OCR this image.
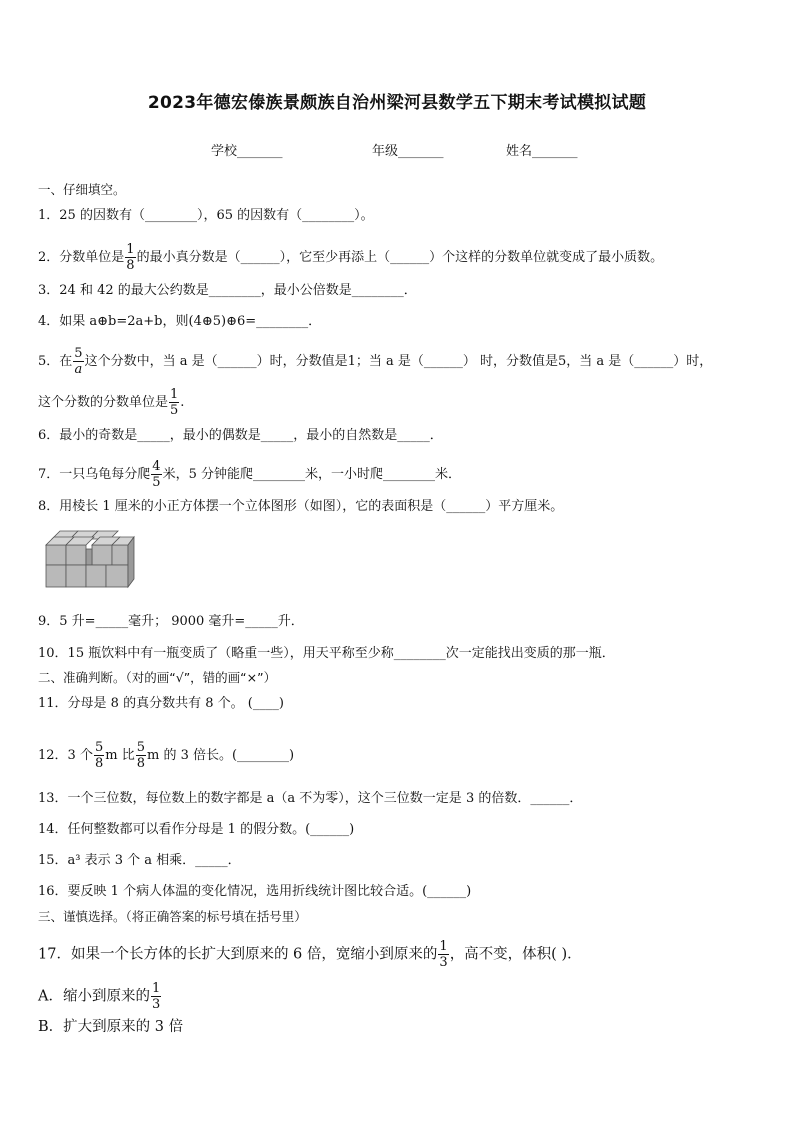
2023年德宏傣族景颇族自治州梁河县数学五下期末考试模拟试题
学校_______	年级_______	姓名_______
一、仔细填空。
1．25 的因数有（________），65 的因数有（________）。
2．分数单位是 $\frac{1}{8}$ 的最小真分数是（______），它至少再添上（______）个这样的分数单位就变成了最小质数。
3．24 和 42 的最大公约数是________，最小公倍数是________．
4．如果 a⊕b=2a+b，则(4⊕5)⊕6=________．
5．在 $\frac{5}{a}$ 这个分数中，当 a 是（______）时，分数值是1；当 a 是（______） 时，分数值是5，当 a 是（______）时，
这个分数的分数单位是 $\frac{1}{5}$ .
6．最小的奇数是_____，最小的偶数是_____，最小的自然数是_____．
7．一只乌龟每分爬 $\frac{4}{5}$ 米，5 分钟能爬________米，一小时爬________米．
8．用棱长 1 厘米的小正方体摆一个立体图形（如图），它的表面积是（______）平方厘米。
9．5 升=_____毫升； 9000 毫升=_____升．
10．15 瓶饮料中有一瓶变质了（略重一些），用天平称至少称________次一定能找出变质的那一瓶．
二、准确判断。（对的画“√”，错的画“×”）
11．分母是 8 的真分数共有 8 个。 (____)
12．3 个 $\frac{5}{8}$ m 比 $\frac{5}{8}$ m 的 3 倍长。(________)
13．一个三位数，每位数上的数字都是 a（a 不为零），这个三位数一定是 3 的倍数．______．
14．任何整数都可以看作分母是 1 的假分数。(______)
15．a³ 表示 3 个 a 相乘．_____．
16．要反映 1 个病人体温的变化情况，选用折线统计图比较合适。(______)
三、谨慎选择。（将正确答案的标号填在括号里）
17．如果一个长方体的长扩大到原来的 6 倍，宽缩小到原来的 $\frac{1}{3}$ ，高不变，体积( )．
A．缩小到原来的 $\frac{1}{3}$
B．扩大到原来的 3 倍
